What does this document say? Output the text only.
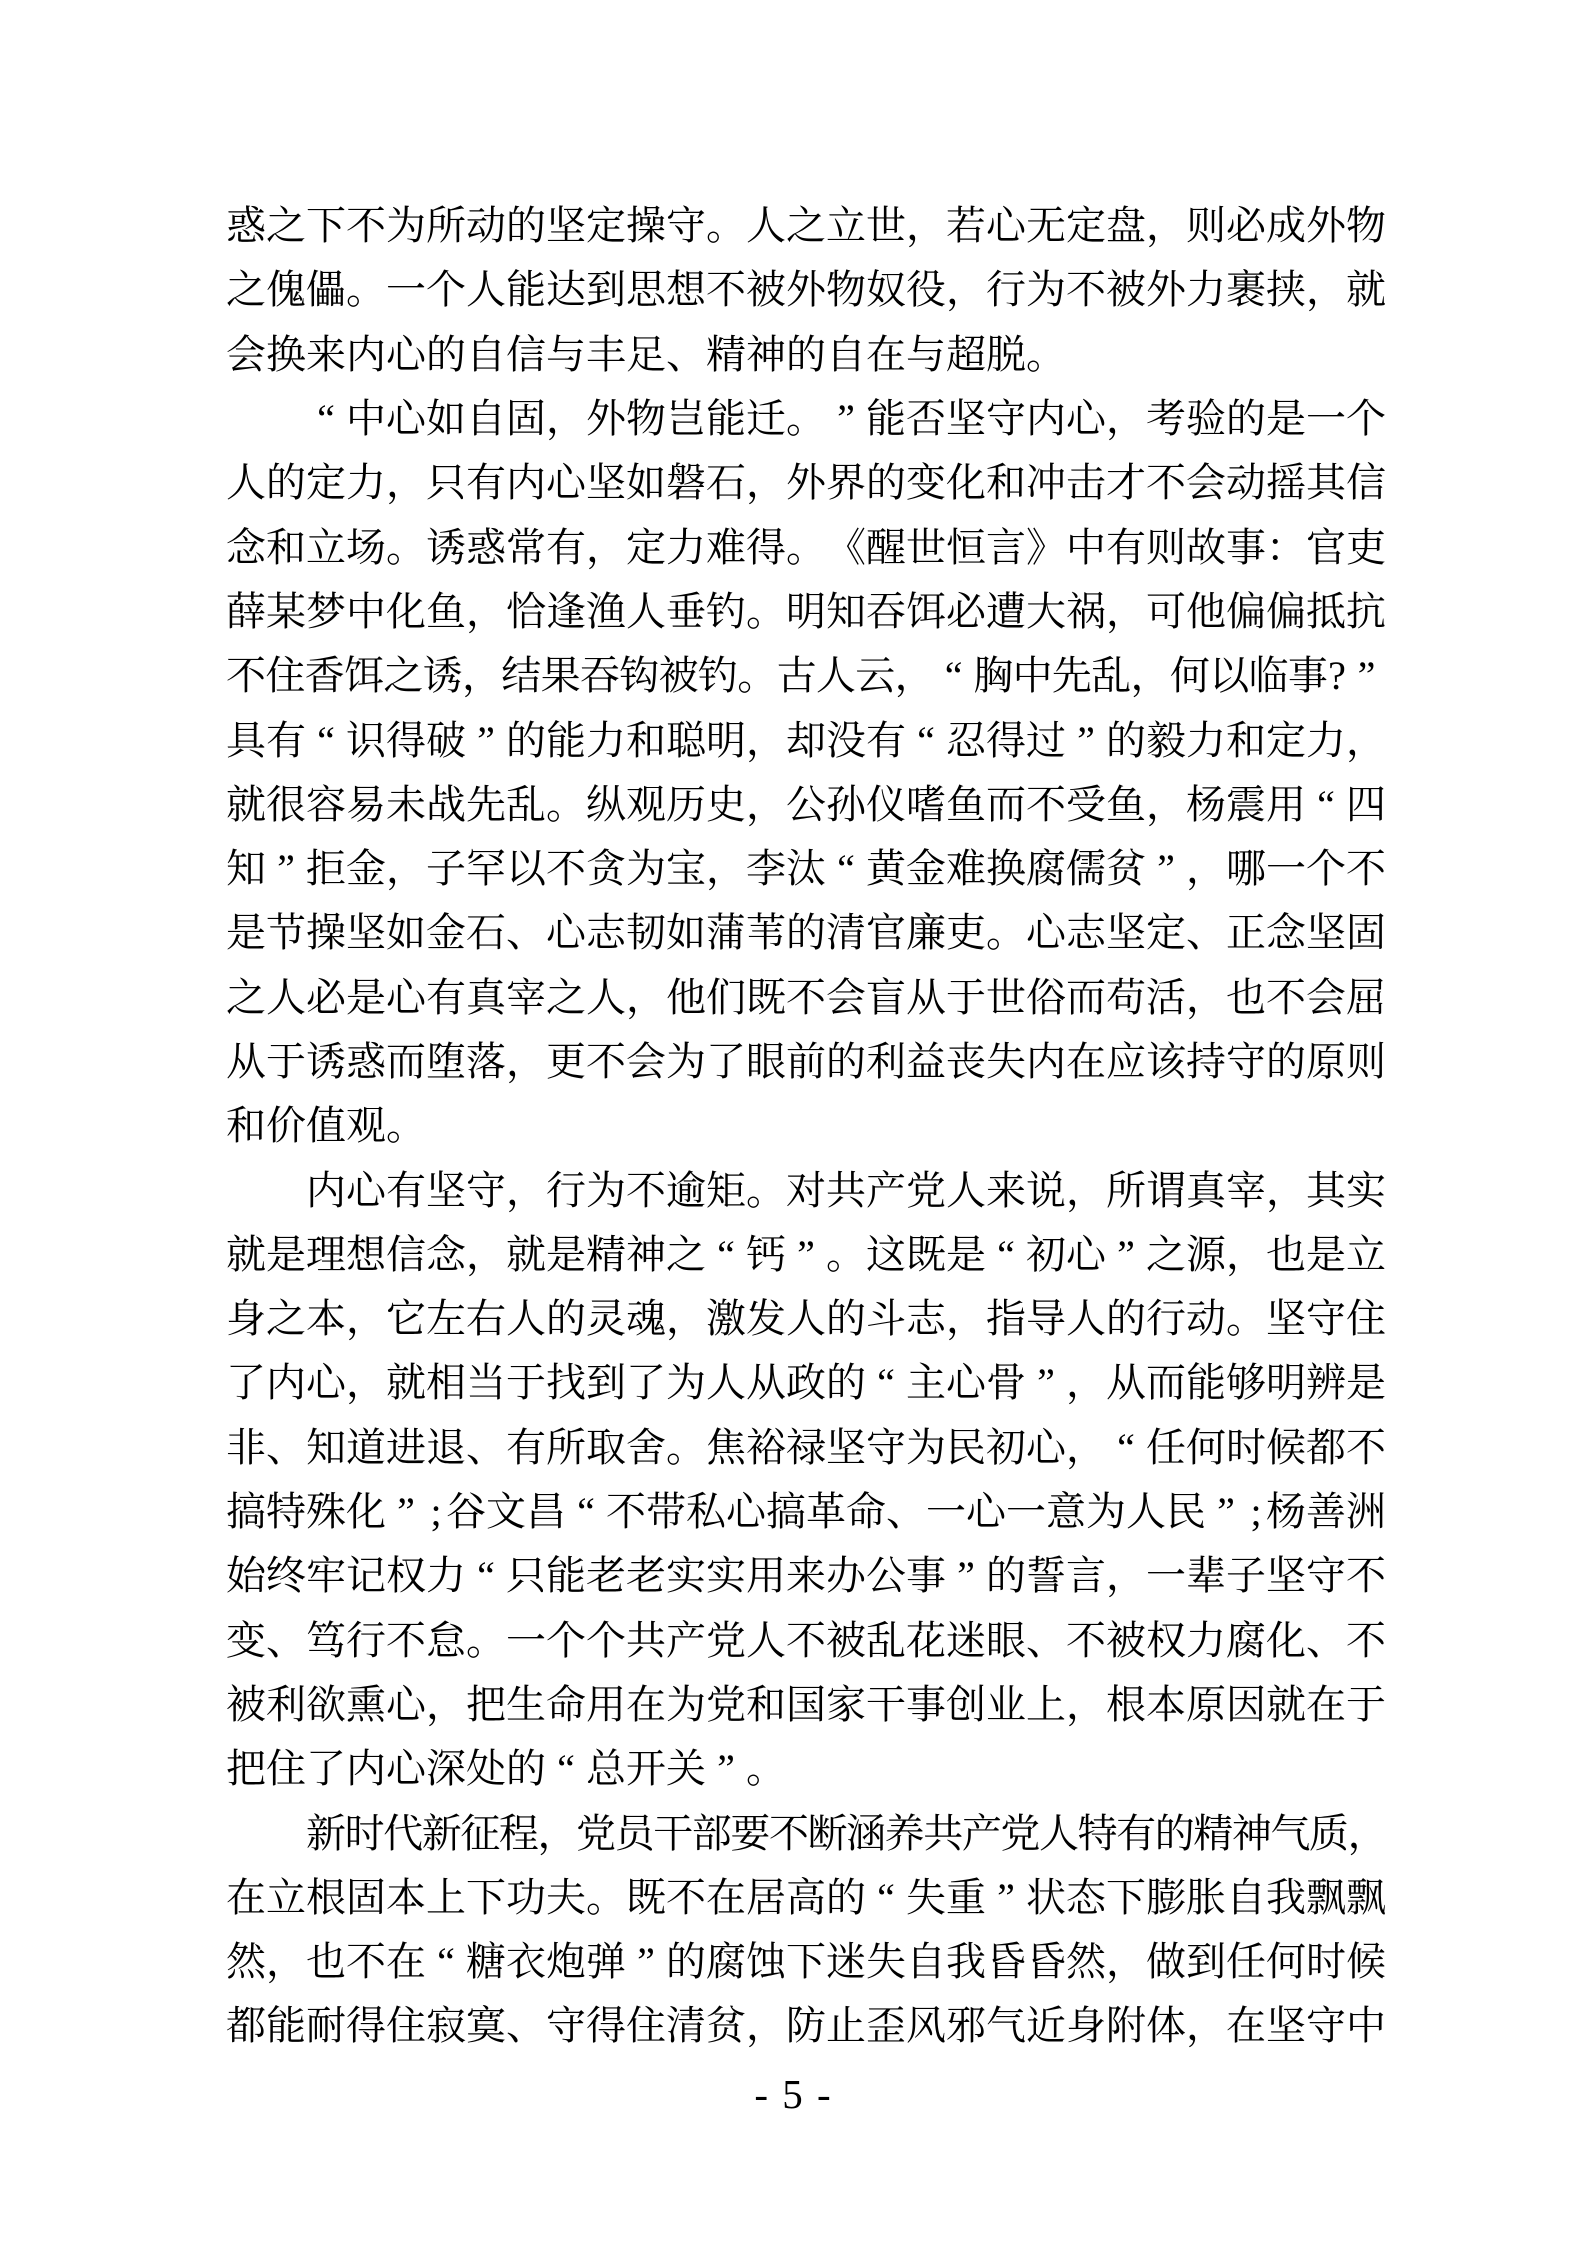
惑 之 下 不 为 所 动 的 坚 定 操 守 。 人 之 立 世 ， 若 心 无 定 盘 ， 则 必 成 外 物
之 傀 儡 。 一 个 人 能 达 到 思 想 不 被 外 物 奴 役 ， 行 为 不 被 外 力 裹 挟 ， 就
会 换 来 内 心 的 自 信 与 丰 足 、 精 神 的 自 在 与 超 脱 。
“ 中 心 如 自 固 ， 外 物 岂 能 迁 。 ” 能 否 坚 守 内 心 ， 考 验 的 是 一 个
人 的 定 力 ， 只 有 内 心 坚 如 磐 石 ， 外 界 的 变 化 和 冲 击 才 不 会 动 摇 其 信
念 和 立 场 。 诱 惑 常 有 ， 定 力 难 得 。 《 醒 世 恒 言 》 中 有 则 故 事 ： 官 吏
薛 某 梦 中 化 鱼 ， 恰 逢 渔 人 垂 钓 。 明 知 吞 饵 必 遭 大 祸 ， 可 他 偏 偏 抵 抗
不 住 香 饵 之 诱 ， 结 果 吞 钩 被 钓 。 古 人 云 ， “ 胸 中 先 乱 ， 何 以 临 事 ? ”
具 有 “ 识 得 破 ” 的 能 力 和 聪 明 ， 却 没 有 “ 忍 得 过 ” 的 毅 力 和 定 力 ，
就 很 容 易 未 战 先 乱 。 纵 观 历 史 ， 公 孙 仪 嗜 鱼 而 不 受 鱼 ， 杨 震 用 “ 四
知 ” 拒 金 ， 子 罕 以 不 贪 为 宝 ， 李 汰 “ 黄 金 难 换 腐 儒 贫 ” ， 哪 一 个 不
是 节 操 坚 如 金 石 、 心 志 韧 如 蒲 苇 的 清 官 廉 吏 。 心 志 坚 定 、 正 念 坚 固
之 人 必 是 心 有 真 宰 之 人 ， 他 们 既 不 会 盲 从 于 世 俗 而 苟 活 ， 也 不 会 屈
从 于 诱 惑 而 堕 落 ， 更 不 会 为 了 眼 前 的 利 益 丧 失 内 在 应 该 持 守 的 原 则
和 价 值 观 。
内 心 有 坚 守 ， 行 为 不 逾 矩 。 对 共 产 党 人 来 说 ， 所 谓 真 宰 ， 其 实
就 是 理 想 信 念 ， 就 是 精 神 之 “ 钙 ” 。 这 既 是 “ 初 心 ” 之 源 ， 也 是 立
身 之 本 ， 它 左 右 人 的 灵 魂 ， 激 发 人 的 斗 志 ， 指 导 人 的 行 动 。 坚 守 住
了 内 心 ， 就 相 当 于 找 到 了 为 人 从 政 的 “ 主 心 骨 ” ， 从 而 能 够 明 辨 是
非 、 知 道 进 退 、 有 所 取 舍 。 焦 裕 禄 坚 守 为 民 初 心 ， “ 任 何 时 候 都 不
搞 特 殊 化 ” ; 谷 文 昌 “ 不 带 私 心 搞 革 命 、 一 心 一 意 为 人 民 ” ; 杨 善 洲
始 终 牢 记 权 力 “ 只 能 老 老 实 实 用 来 办 公 事 ” 的 誓 言 ， 一 辈 子 坚 守 不
变 、 笃 行 不 怠 。 一 个 个 共 产 党 人 不 被 乱 花 迷 眼 、 不 被 权 力 腐 化 、 不
被 利 欲 熏 心 ， 把 生 命 用 在 为 党 和 国 家 干 事 创 业 上 ， 根 本 原 因 就 在 于
把 住 了 内 心 深 处 的 “ 总 开 关 ” 。
新
时
代
新
征
程
，
党
员
干
部
要
不
断
涵
养
共
产
党
人
特
有
的
精
神
气
质
，
在 立 根 固 本 上 下 功 夫 。 既 不 在 居 高 的 “ 失 重 ” 状 态 下 膨 胀 自 我 飘 飘
然 ， 也 不 在 “ 糖 衣 炮 弹 ” 的 腐 蚀 下 迷 失 自 我 昏 昏 然 ， 做 到 任 何 时 候
都 能 耐 得 住 寂 寞 、 守 得 住 清 贫 ， 防 止 歪 风 邪 气 近 身 附 体 ， 在 坚 守 中
- 5 -
